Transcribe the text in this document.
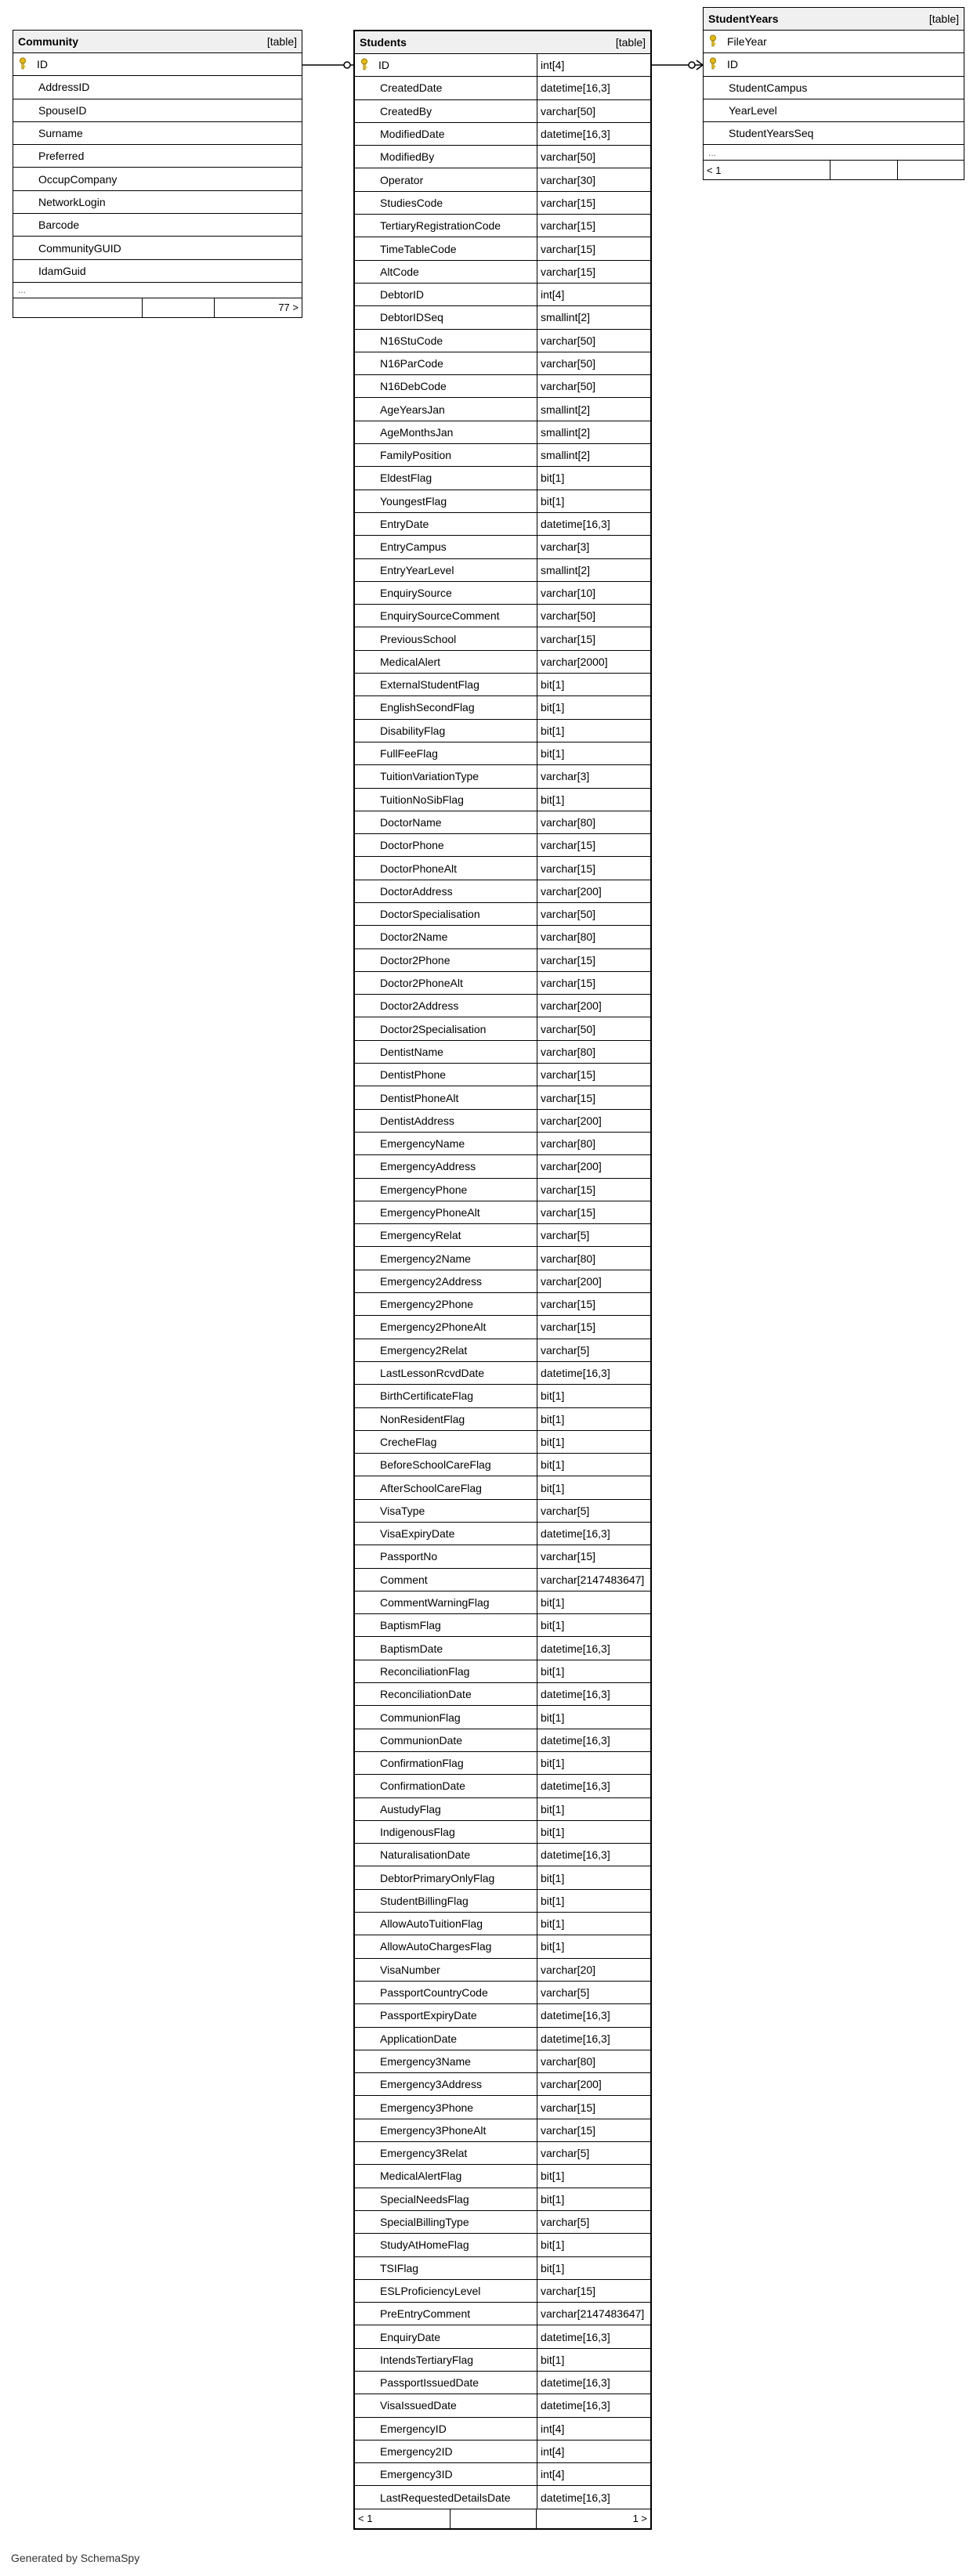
Community	[table]
ID
AddressID
SpouseID
Surname
Preferred
OccupCompany
NetworkLogin
Barcode
CommunityGUID
IdamGuid
...
77 >
Students	[table]
ID	int[4]
CreatedDate	datetime[16,3]
CreatedBy	varchar[50]
ModifiedDate	datetime[16,3]
ModifiedBy	varchar[50]
Operator	varchar[30]
StudiesCode	varchar[15]
TertiaryRegistrationCode	varchar[15]
TimeTableCode	varchar[15]
AltCode	varchar[15]
DebtorID	int[4]
DebtorIDSeq	smallint[2]
N16StuCode	varchar[50]
N16ParCode	varchar[50]
N16DebCode	varchar[50]
AgeYearsJan	smallint[2]
AgeMonthsJan	smallint[2]
FamilyPosition	smallint[2]
EldestFlag	bit[1]
YoungestFlag	bit[1]
EntryDate	datetime[16,3]
EntryCampus	varchar[3]
EntryYearLevel	smallint[2]
EnquirySource	varchar[10]
EnquirySourceComment	varchar[50]
PreviousSchool	varchar[15]
MedicalAlert	varchar[2000]
ExternalStudentFlag	bit[1]
EnglishSecondFlag	bit[1]
DisabilityFlag	bit[1]
FullFeeFlag	bit[1]
TuitionVariationType	varchar[3]
TuitionNoSibFlag	bit[1]
DoctorName	varchar[80]
DoctorPhone	varchar[15]
DoctorPhoneAlt	varchar[15]
DoctorAddress	varchar[200]
DoctorSpecialisation	varchar[50]
Doctor2Name	varchar[80]
Doctor2Phone	varchar[15]
Doctor2PhoneAlt	varchar[15]
Doctor2Address	varchar[200]
Doctor2Specialisation	varchar[50]
DentistName	varchar[80]
DentistPhone	varchar[15]
DentistPhoneAlt	varchar[15]
DentistAddress	varchar[200]
EmergencyName	varchar[80]
EmergencyAddress	varchar[200]
EmergencyPhone	varchar[15]
EmergencyPhoneAlt	varchar[15]
EmergencyRelat	varchar[5]
Emergency2Name	varchar[80]
Emergency2Address	varchar[200]
Emergency2Phone	varchar[15]
Emergency2PhoneAlt	varchar[15]
Emergency2Relat	varchar[5]
LastLessonRcvdDate	datetime[16,3]
BirthCertificateFlag	bit[1]
NonResidentFlag	bit[1]
CrecheFlag	bit[1]
BeforeSchoolCareFlag	bit[1]
AfterSchoolCareFlag	bit[1]
VisaType	varchar[5]
VisaExpiryDate	datetime[16,3]
PassportNo	varchar[15]
Comment	varchar[2147483647]
CommentWarningFlag	bit[1]
BaptismFlag	bit[1]
BaptismDate	datetime[16,3]
ReconciliationFlag	bit[1]
ReconciliationDate	datetime[16,3]
CommunionFlag	bit[1]
CommunionDate	datetime[16,3]
ConfirmationFlag	bit[1]
ConfirmationDate	datetime[16,3]
AustudyFlag	bit[1]
IndigenousFlag	bit[1]
NaturalisationDate	datetime[16,3]
DebtorPrimaryOnlyFlag	bit[1]
StudentBillingFlag	bit[1]
AllowAutoTuitionFlag	bit[1]
AllowAutoChargesFlag	bit[1]
VisaNumber	varchar[20]
PassportCountryCode	varchar[5]
PassportExpiryDate	datetime[16,3]
ApplicationDate	datetime[16,3]
Emergency3Name	varchar[80]
Emergency3Address	varchar[200]
Emergency3Phone	varchar[15]
Emergency3PhoneAlt	varchar[15]
Emergency3Relat	varchar[5]
MedicalAlertFlag	bit[1]
SpecialNeedsFlag	bit[1]
SpecialBillingType	varchar[5]
StudyAtHomeFlag	bit[1]
TSIFlag	bit[1]
ESLProficiencyLevel	varchar[15]
PreEntryComment	varchar[2147483647]
EnquiryDate	datetime[16,3]
IntendsTertiaryFlag	bit[1]
PassportIssuedDate	datetime[16,3]
VisaIssuedDate	datetime[16,3]
EmergencyID	int[4]
Emergency2ID	int[4]
Emergency3ID	int[4]
LastRequestedDetailsDate	datetime[16,3]
< 1	1 >
StudentYears	[table]
FileYear
ID
StudentCampus
YearLevel
StudentYearsSeq
...
< 1
Generated by SchemaSpy
